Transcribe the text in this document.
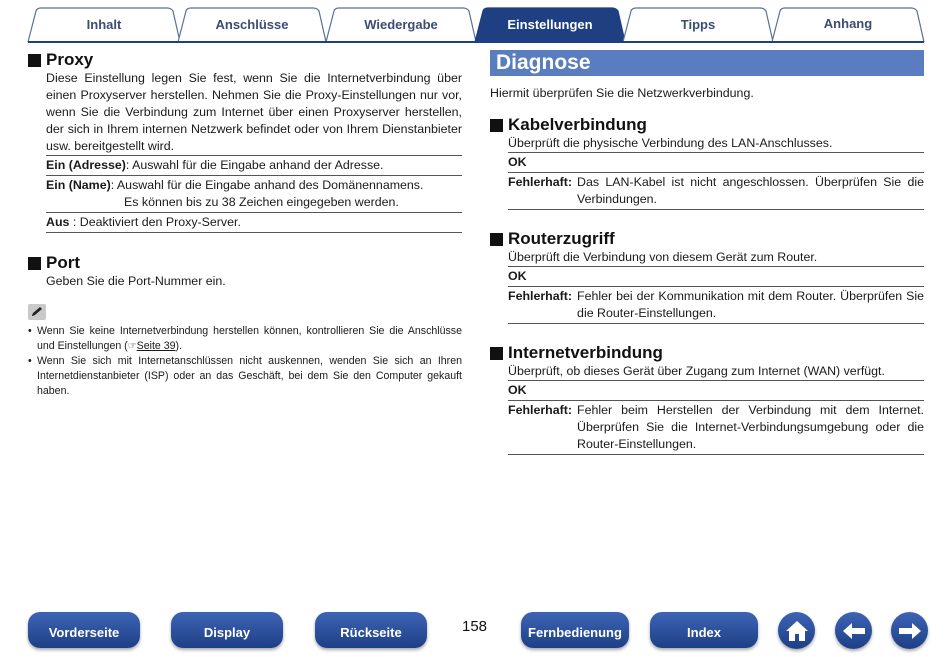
Inhalt	Anschlüsse	Wiedergabe	Einstellungen	Tipps	Anhang
Proxy
Diese Einstellung legen Sie fest, wenn Sie die Internetverbindung über einen Proxyserver herstellen. Nehmen Sie die Proxy-Einstellungen nur vor, wenn Sie die Verbindung zum Internet über einen Proxyserver herstellen, der sich in Ihrem internen Netzwerk befindet oder von Ihrem Dienstanbieter usw. bereitgestellt wird.
Ein (Adresse): Auswahl für die Eingabe anhand der Adresse.
Ein (Name): Auswahl für die Eingabe anhand des Domänennamens.
Es können bis zu 38 Zeichen eingegeben werden.
Aus : Deaktiviert den Proxy-Server.
Port
Geben Sie die Port-Nummer ein.
• Wenn Sie keine Internetverbindung herstellen können, kontrollieren Sie die Anschlüsse und Einstellungen (☞Seite 39).
• Wenn Sie sich mit Internetanschlüssen nicht auskennen, wenden Sie sich an Ihren Internetdienstanbieter (ISP) oder an das Geschäft, bei dem Sie den Computer gekauft haben.
Diagnose
Hiermit überprüfen Sie die Netzwerkverbindung.
Kabelverbindung
Überprüft die physische Verbindung des LAN-Anschlusses.
OK
Fehlerhaft: Das LAN-Kabel ist nicht angeschlossen. Überprüfen Sie die Verbindungen.
Routerzugriff
Überprüft die Verbindung von diesem Gerät zum Router.
OK
Fehlerhaft: Fehler bei der Kommunikation mit dem Router. Überprüfen Sie die Router-Einstellungen.
Internetverbindung
Überprüft, ob dieses Gerät über Zugang zum Internet (WAN) verfügt.
OK
Fehlerhaft: Fehler beim Herstellen der Verbindung mit dem Internet. Überprüfen Sie die Internet-Verbindungsumgebung oder die Router-Einstellungen.
Vorderseite	Display	Rückseite	158	Fernbedienung	Index
